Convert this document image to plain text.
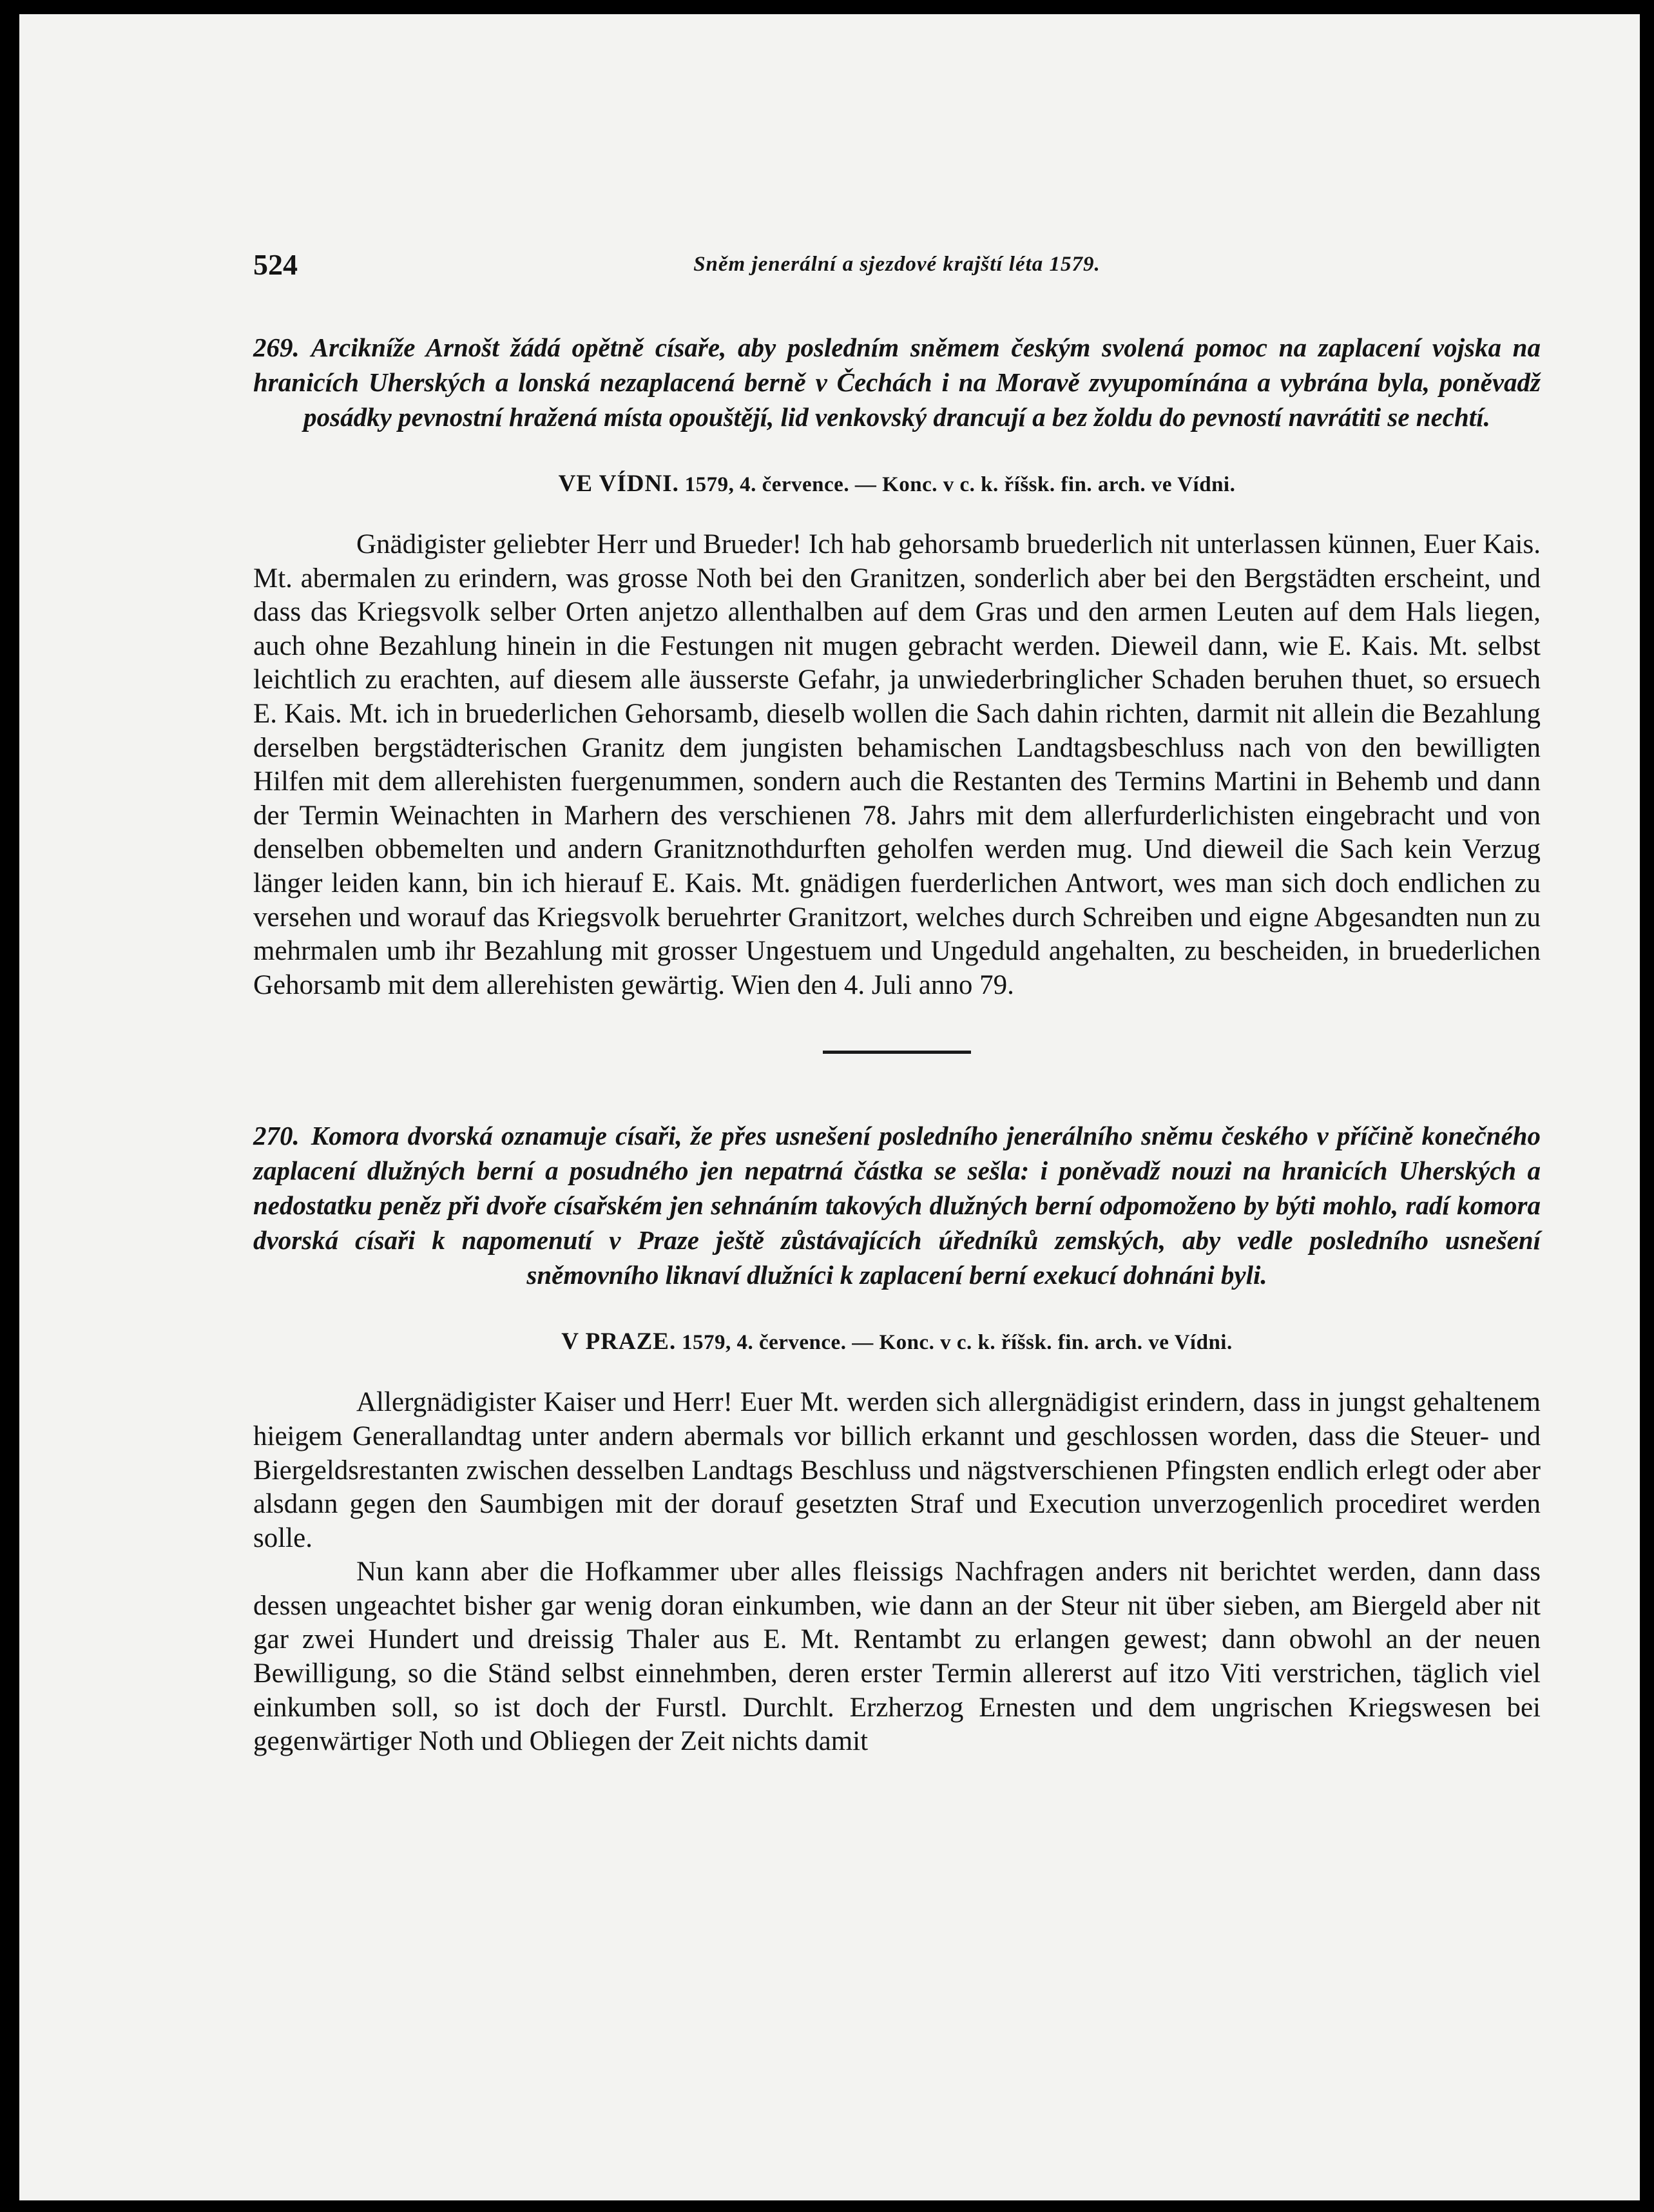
524	Sněm jenerální a sjezdové krajští léta 1579.

269. Arcikníže Arnošt žádá opětně císaře, aby posledním sněmem českým svolená pomoc na zaplacení vojska na hranicích Uherských a lonská nezaplacená berně v Čechách i na Moravě zvyupomínána a vybrána byla, poněvadž posádky pevnostní hražená místa opouštějí, lid venkovský drancují a bez žoldu do pevností navrátiti se nechtí.

VE VÍDNI. 1579, 4. července. — Konc. v c. k. říšsk. fin. arch. ve Vídni.

Gnädigister geliebter Herr und Brueder! Ich hab gehorsamb bruederlich nit unterlassen künnen, Euer Kais. Mt. abermalen zu erindern, was grosse Noth bei den Granitzen, sonderlich aber bei den Bergstädten erscheint, und dass das Kriegsvolk selber Orten anjetzo allenthalben auf dem Gras und den armen Leuten auf dem Hals liegen, auch ohne Bezahlung hinein in die Festungen nit mugen gebracht werden. Dieweil dann, wie E. Kais. Mt. selbst leichtlich zu erachten, auf diesem alle äusserste Gefahr, ja unwiederbringlicher Schaden beruhen thuet, so ersuech E. Kais. Mt. ich in bruederlichen Gehorsamb, dieselb wollen die Sach dahin richten, darmit nit allein die Bezahlung derselben bergstädterischen Granitz dem jungisten behamischen Landtagsbeschluss nach von den bewilligten Hilfen mit dem allerehisten fuergenummen, sondern auch die Restanten des Termins Martini in Behemb und dann der Termin Weinachten in Marhern des verschienen 78. Jahrs mit dem allerfurderlichisten eingebracht und von denselben obbemelten und andern Granitznothdurften geholfen werden mug. Und dieweil die Sach kein Verzug länger leiden kann, bin ich hierauf E. Kais. Mt. gnädigen fuerderlichen Antwort, wes man sich doch endlichen zu versehen und worauf das Kriegsvolk beruehrter Granitzort, welches durch Schreiben und eigne Abgesandten nun zu mehrmalen umb ihr Bezahlung mit grosser Ungestuem und Ungeduld angehalten, zu bescheiden, in bruederlichen Gehorsamb mit dem allerehisten gewärtig. Wien den 4. Juli anno 79.

270. Komora dvorská oznamuje císaři, že přes usnešení posledního jenerálního sněmu českého v příčině konečného zaplacení dlužných berní a posudného jen nepatrná částka se sešla: i poněvadž nouzi na hranicích Uherských a nedostatku peněz při dvoře císařském jen sehnáním takových dlužných berní odpomoženo by býti mohlo, radí komora dvorská císaři k napomenutí v Praze ještě zůstávajících úředníků zemských, aby vedle posledního usnešení sněmovního liknaví dlužníci k zaplacení berní exekucí dohnáni byli.

V PRAZE. 1579, 4. července. — Konc. v c. k. říšsk. fin. arch. ve Vídni.

Allergnädigister Kaiser und Herr! Euer Mt. werden sich allergnädigist erindern, dass in jungst gehaltenem hieigem Generallandtag unter andern abermals vor billich erkannt und geschlossen worden, dass die Steuer- und Biergeldsrestanten zwischen desselben Landtags Beschluss und nägstverschienen Pfingsten endlich erlegt oder aber alsdann gegen den Saumbigen mit der dorauf gesetzten Straf und Execution unverzogenlich procediret werden solle.

Nun kann aber die Hofkammer uber alles fleissigs Nachfragen anders nit berichtet werden, dann dass dessen ungeachtet bisher gar wenig doran einkumben, wie dann an der Steur nit über sieben, am Biergeld aber nit gar zwei Hundert und dreissig Thaler aus E. Mt. Rentambt zu erlangen gewest; dann obwohl an der neuen Bewilligung, so die Ständ selbst einnehmben, deren erster Termin allererst auf itzo Viti verstrichen, täglich viel einkumben soll, so ist doch der Furstl. Durchlt. Erzherzog Ernesten und dem ungrischen Kriegswesen bei gegenwärtiger Noth und Obliegen der Zeit nichts damit
